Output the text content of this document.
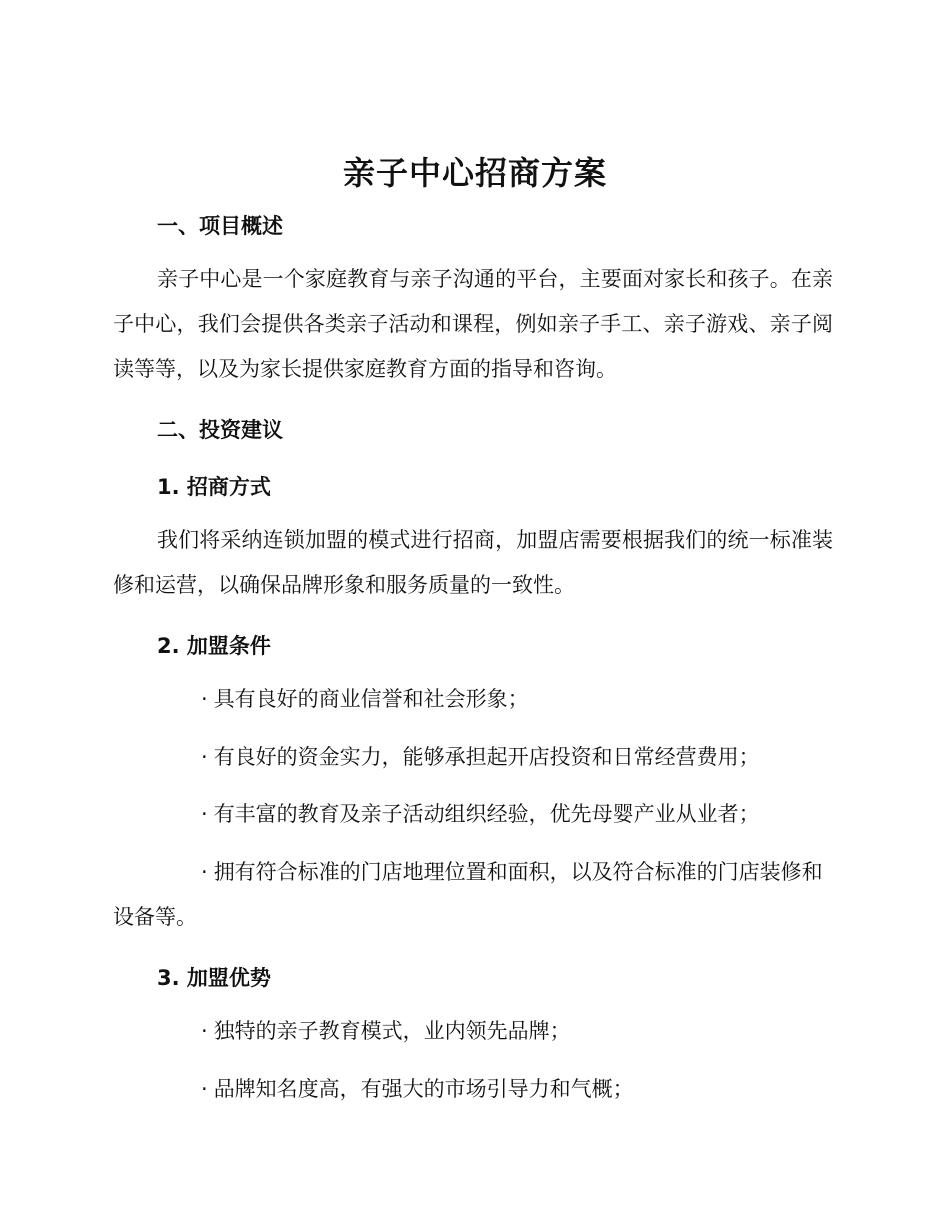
亲子中心招商方案
一、项目概述
亲子中心是一个家庭教育与亲子沟通的平台，主要面对家长和孩子。在亲子中心，我们会提供各类亲子活动和课程，例如亲子手工、亲子游戏、亲子阅读等等，以及为家长提供家庭教育方面的指导和咨询。
二、投资建议
1. 招商方式
我们将采纳连锁加盟的模式进行招商，加盟店需要根据我们的统一标准装修和运营，以确保品牌形象和服务质量的一致性。
2. 加盟条件
· 具有良好的商业信誉和社会形象；
· 有良好的资金实力，能够承担起开店投资和日常经营费用；
· 有丰富的教育及亲子活动组织经验，优先母婴产业从业者；
· 拥有符合标准的门店地理位置和面积，以及符合标准的门店装修和设备等。
3. 加盟优势
· 独特的亲子教育模式，业内领先品牌；
· 品牌知名度高，有强大的市场引导力和气概；
